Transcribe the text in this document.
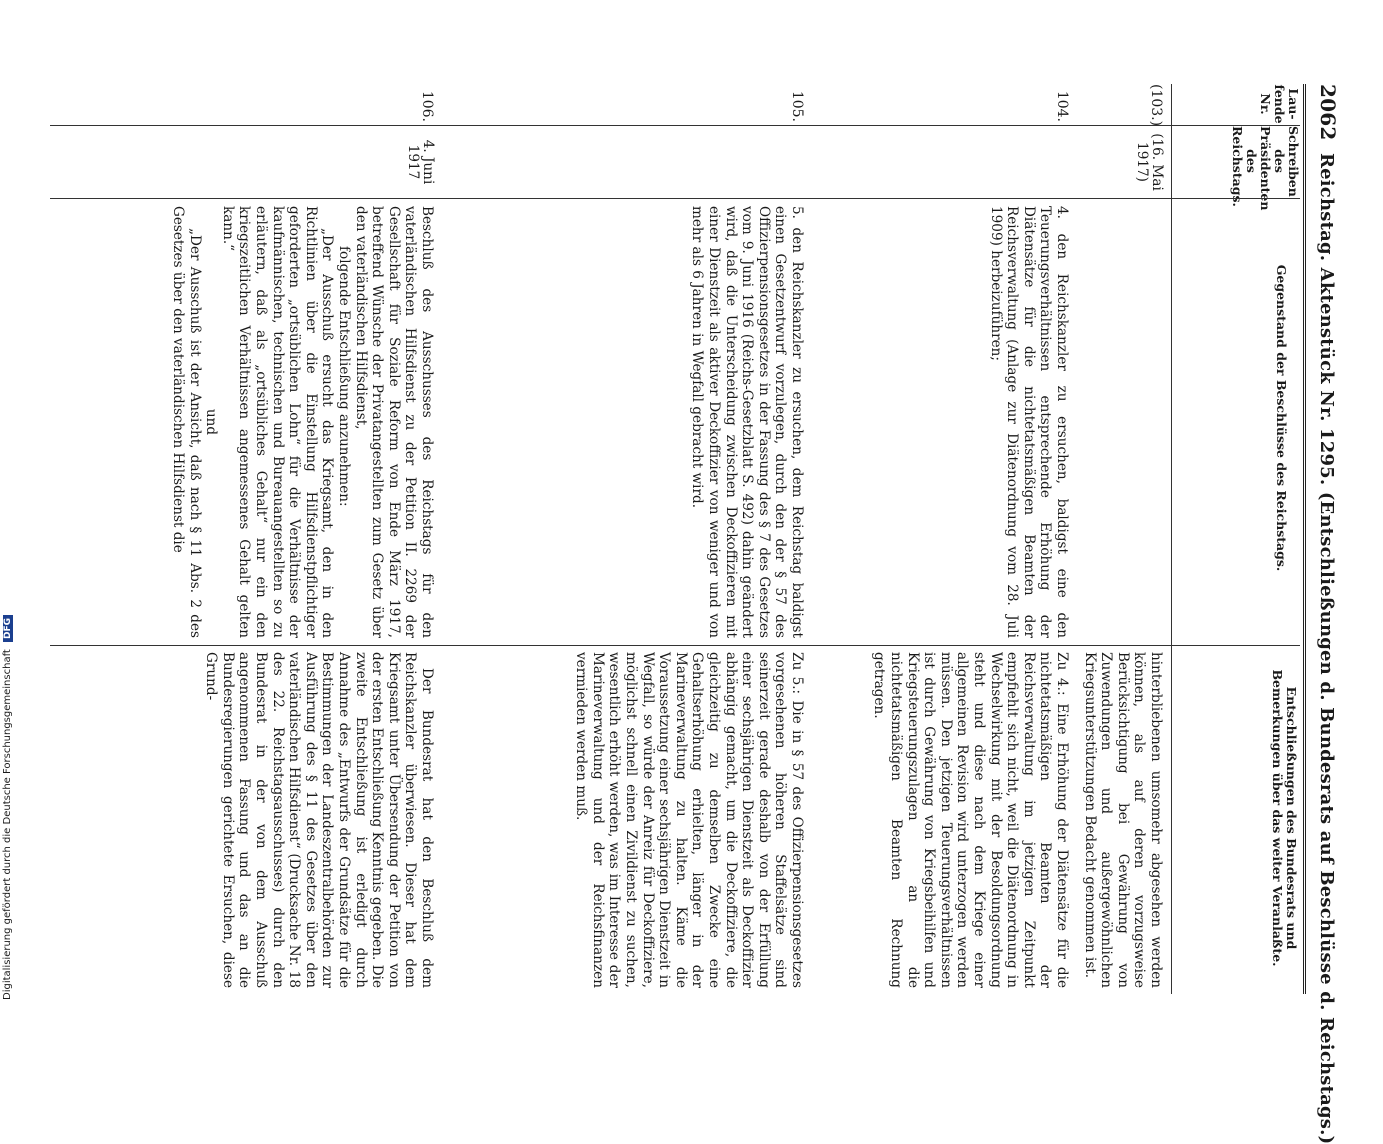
2062 Reichstag. Aktenstück Nr. 1295. (Entschließungen d. Bundesrats auf Beschlüsse d. Reichstags.)
Lau-fende Nr.
Schreiben des Präsidenten des Reichstags.
Gegenstand der Beschlüsse des Reichstags.
Entschließungen des Bundesrats und Bemerkungen über das weiter Veranlaßte.
(103.)
(16. Mai 1917)
hinterbliebenen umsomehr abgesehen werden können, als auf deren vorzugsweise Berücksichtigung bei Gewährung von Zuwendungen und außergewöhnlichen Kriegsunterstützungen Bedacht genommen ist.
104.
4. den Reichskanzler zu ersuchen, baldigst eine den Teuerungsverhältnissen entsprechende Erhöhung der Diätensätze für die nichtetatsmäßigen Beamten der Reichsverwaltung (Anlage zur Diätenordnung vom 28. Juli 1909) herbeizuführen;
Zu 4.: Eine Erhöhung der Diätensätze für die nichtetatsmäßigen Beamten der Reichsverwaltung im jetzigen Zeitpunkt empfiehlt sich nicht, weil die Diätenordnung in Wechselwirkung mit der Besoldungsordnung steht und diese nach dem Kriege einer allgemeinen Revision wird unterzogen werden müssen. Den jetzigen Teuerungsverhältnissen ist durch Gewährung von Kriegsbeihilfen und Kriegsteuerungszulagen an die nichtetatsmäßigen Beamten Rechnung getragen.
105.
5. den Reichskanzler zu ersuchen, dem Reichstag baldigst einen Gesetzentwurf vorzulegen, durch den der § 57 des Offizierpensionsgesetzes in der Fassung des § 7 des Gesetzes vom 9. Juni 1916 (Reichs-Gesetzblatt S. 492) dahin geändert wird, daß die Unterscheidung zwischen Deckoffizieren mit einer Dienstzeit als aktiver Deckoffizier von weniger und von mehr als 6 Jahren in Wegfall gebracht wird.
Zu 5.: Die in § 57 des Offizierpensionsgesetzes vorgesehenen höheren Staffelsätze sind seinerzeit gerade deshalb von der Erfüllung einer sechsjährigen Dienstzeit als Deckoffizier abhängig gemacht, um die Deckoffiziere, die gleichzeitig zu demselben Zwecke eine Gehaltserhöhung erhielten, länger in der Marineverwaltung zu halten. Käme die Voraussetzung einer sechsjährigen Dienstzeit in Wegfall, so würde der Anreiz für Deckoffiziere, möglichst schnell einen Zivildienst zu suchen, wesentlich erhöht werden, was im Interesse der Marineverwaltung und der Reichsfinanzen vermieden werden muß.
106.
4. Juni 1917

Beschluß des Ausschusses des Reichstags für den vaterländischen Hilfsdienst zu der Petition II. 2269 der Gesellschaft für Soziale Reform von Ende März 1917, betreffend Wünsche der Privatangestellten zum Gesetz über den vaterländischen Hilfsdienst,

folgende Entschließung anzunehmen:

„Der Ausschuß ersucht das Kriegsamt, den in den Richtlinien über die Einstellung Hilfsdienstpflichtiger geforderten „ortsüblichen Lohn“ für die Verhältnisse der kaufmännischen, technischen und Bureauangestellten so zu erläutern, daß als „ortsübliches Gehalt“ nur ein den kriegszeitlichen Verhältnissen angemessenes Gehalt gelten kann.“

und

„Der Ausschuß ist der Ansicht, daß nach § 11 Abs. 2 des Gesetzes über den vaterländischen Hilfsdienst die

Der Bundesrat hat den Beschluß dem Reichskanzler überwiesen. Dieser hat dem Kriegsamt unter Übersendung der Petition von der ersten Entschließung Kenntnis gegeben. Die zweite Entschließung ist erledigt durch Annahme des „Entwurfs der Grundsätze für die Bestimmungen der Landeszentralbehörden zur Ausführung des § 11 des Gesetzes über den vaterländischen Hilfsdienst“ (Drucksache Nr. 18 des 22. Reichstagsausschusses) durch den Bundesrat in der von dem Ausschuß angenommenen Fassung und das an die Bundesregierungen gerichtete Ersuchen, diese Grund-
Digitalisierung gefördert durch die Deutsche Forschungsgemeinschaft DFG
